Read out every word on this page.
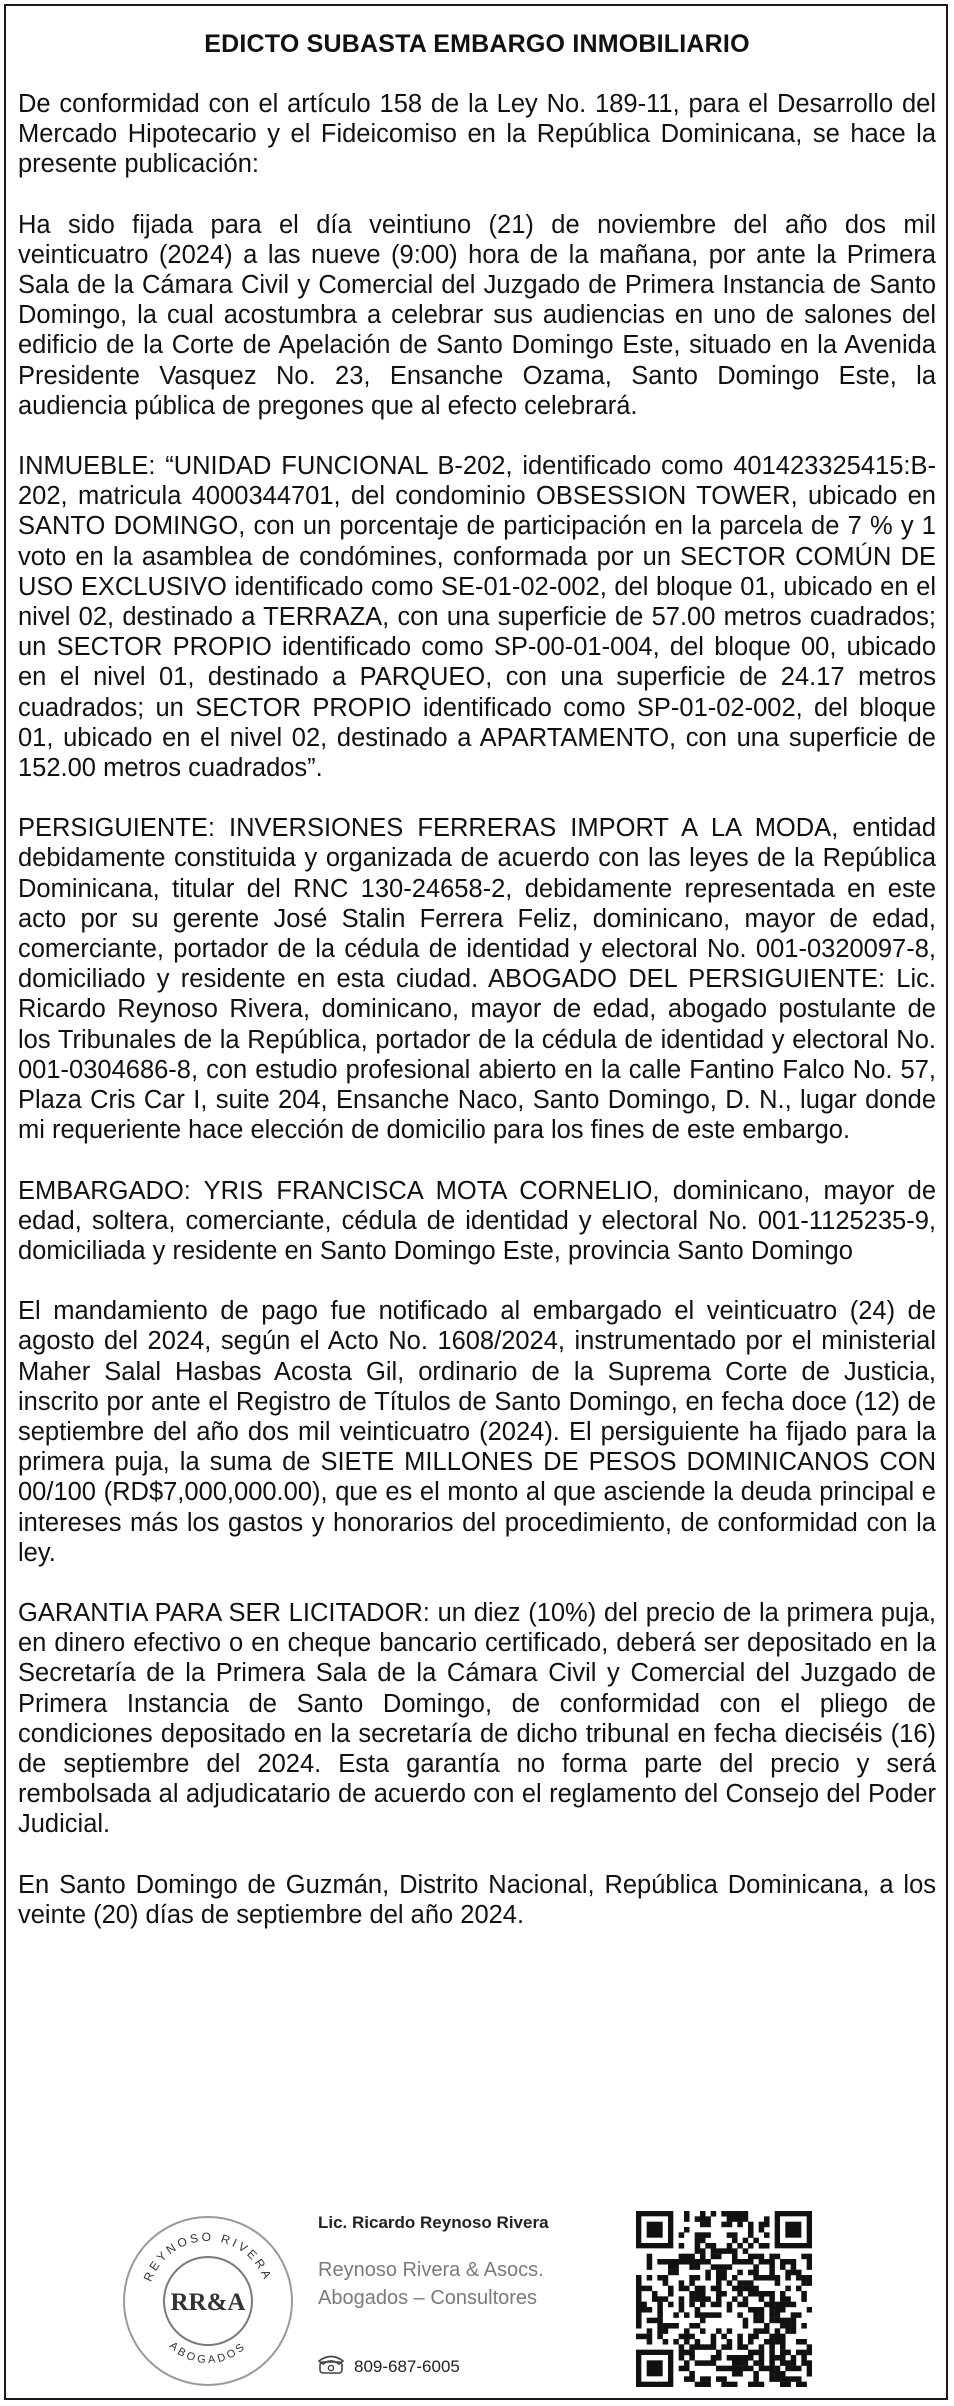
EDICTO SUBASTA EMBARGO INMOBILIARIO

De conformidad con el artículo 158 de la Ley No. 189-11, para el Desarrollo del Mercado Hipotecario y el Fideicomiso en la República Dominicana, se hace la presente publicación:

Ha sido fijada para el día veintiuno (21) de noviembre del año dos mil veinticuatro (2024) a las nueve (9:00) hora de la mañana, por ante la Primera Sala de la Cámara Civil y Comercial del Juzgado de Primera Instancia de Santo Domingo, la cual acostumbra a celebrar sus audiencias en uno de salones del edificio de la Corte de Apelación de Santo Domingo Este, situado en la Avenida Presidente Vasquez No. 23, Ensanche Ozama, Santo Domingo Este, la audiencia pública de pregones que al efecto celebrará.

INMUEBLE: “UNIDAD FUNCIONAL B-202, identificado como 401423325415:B-202, matricula 4000344701, del condominio OBSESSION TOWER, ubicado en SANTO DOMINGO, con un porcentaje de participación en la parcela de 7 % y 1 voto en la asamblea de condómines, conformada por un SECTOR COMÚN DE USO EXCLUSIVO identificado como SE-01-02-002, del bloque 01, ubicado en el nivel 02, destinado a TERRAZA, con una superficie de 57.00 metros cuadrados; un SECTOR PROPIO identificado como SP-00-01-004, del bloque 00, ubicado en el nivel 01, destinado a PARQUEO, con una superficie de 24.17 metros cuadrados; un SECTOR PROPIO identificado como SP-01-02-002, del bloque 01, ubicado en el nivel 02, destinado a APARTAMENTO, con una superficie de 152.00 metros cuadrados”.

PERSIGUIENTE: INVERSIONES FERRERAS IMPORT A LA MODA, entidad debidamente constituida y organizada de acuerdo con las leyes de la República Dominicana, titular del RNC 130-24658-2, debidamente representada en este acto por su gerente José Stalin Ferrera Feliz, dominicano, mayor de edad, comerciante, portador de la cédula de identidad y electoral No. 001-0320097-8, domiciliado y residente en esta ciudad. ABOGADO DEL PERSIGUIENTE: Lic. Ricardo Reynoso Rivera, dominicano, mayor de edad, abogado postulante de los Tribunales de la República, portador de la cédula de identidad y electoral No. 001-0304686-8, con estudio profesional abierto en la calle Fantino Falco No. 57, Plaza Cris Car I, suite 204, Ensanche Naco, Santo Domingo, D. N., lugar donde mi requeriente hace elección de domicilio para los fines de este embargo.

EMBARGADO: YRIS FRANCISCA MOTA CORNELIO, dominicano, mayor de edad, soltera, comerciante, cédula de identidad y electoral No. 001-1125235-9, domiciliada y residente en Santo Domingo Este, provincia Santo Domingo

El mandamiento de pago fue notificado al embargado el veinticuatro (24) de agosto del 2024, según el Acto No. 1608/2024, instrumentado por el ministerial Maher Salal Hasbas Acosta Gil, ordinario de la Suprema Corte de Justicia, inscrito por ante el Registro de Títulos de Santo Domingo, en fecha doce (12) de septiembre del año dos mil veinticuatro (2024). El persiguiente ha fijado para la primera puja, la suma de SIETE MILLONES DE PESOS DOMINICANOS CON 00/100 (RD$7,000,000.00), que es el monto al que asciende la deuda principal e intereses más los gastos y honorarios del procedimiento, de conformidad con la ley.

GARANTIA PARA SER LICITADOR: un diez (10%) del precio de la primera puja, en dinero efectivo o en cheque bancario certificado, deberá ser depositado en la Secretaría de la Primera Sala de la Cámara Civil y Comercial del Juzgado de Primera Instancia de Santo Domingo, de conformidad con el pliego de condiciones depositado en la secretaría de dicho tribunal en fecha dieciséis (16) de septiembre del 2024. Esta garantía no forma parte del precio y será rembolsada al adjudicatario de acuerdo con el reglamento del Consejo del Poder Judicial.

En Santo Domingo de Guzmán, Distrito Nacional, República Dominicana, a los veinte (20) días de septiembre del año 2024.

REYNOSO RIVERA
ABOGADOS
RR&A
Lic. Ricardo Reynoso Rivera
Reynoso Rivera & Asocs.
Abogados – Consultores
809-687-6005
